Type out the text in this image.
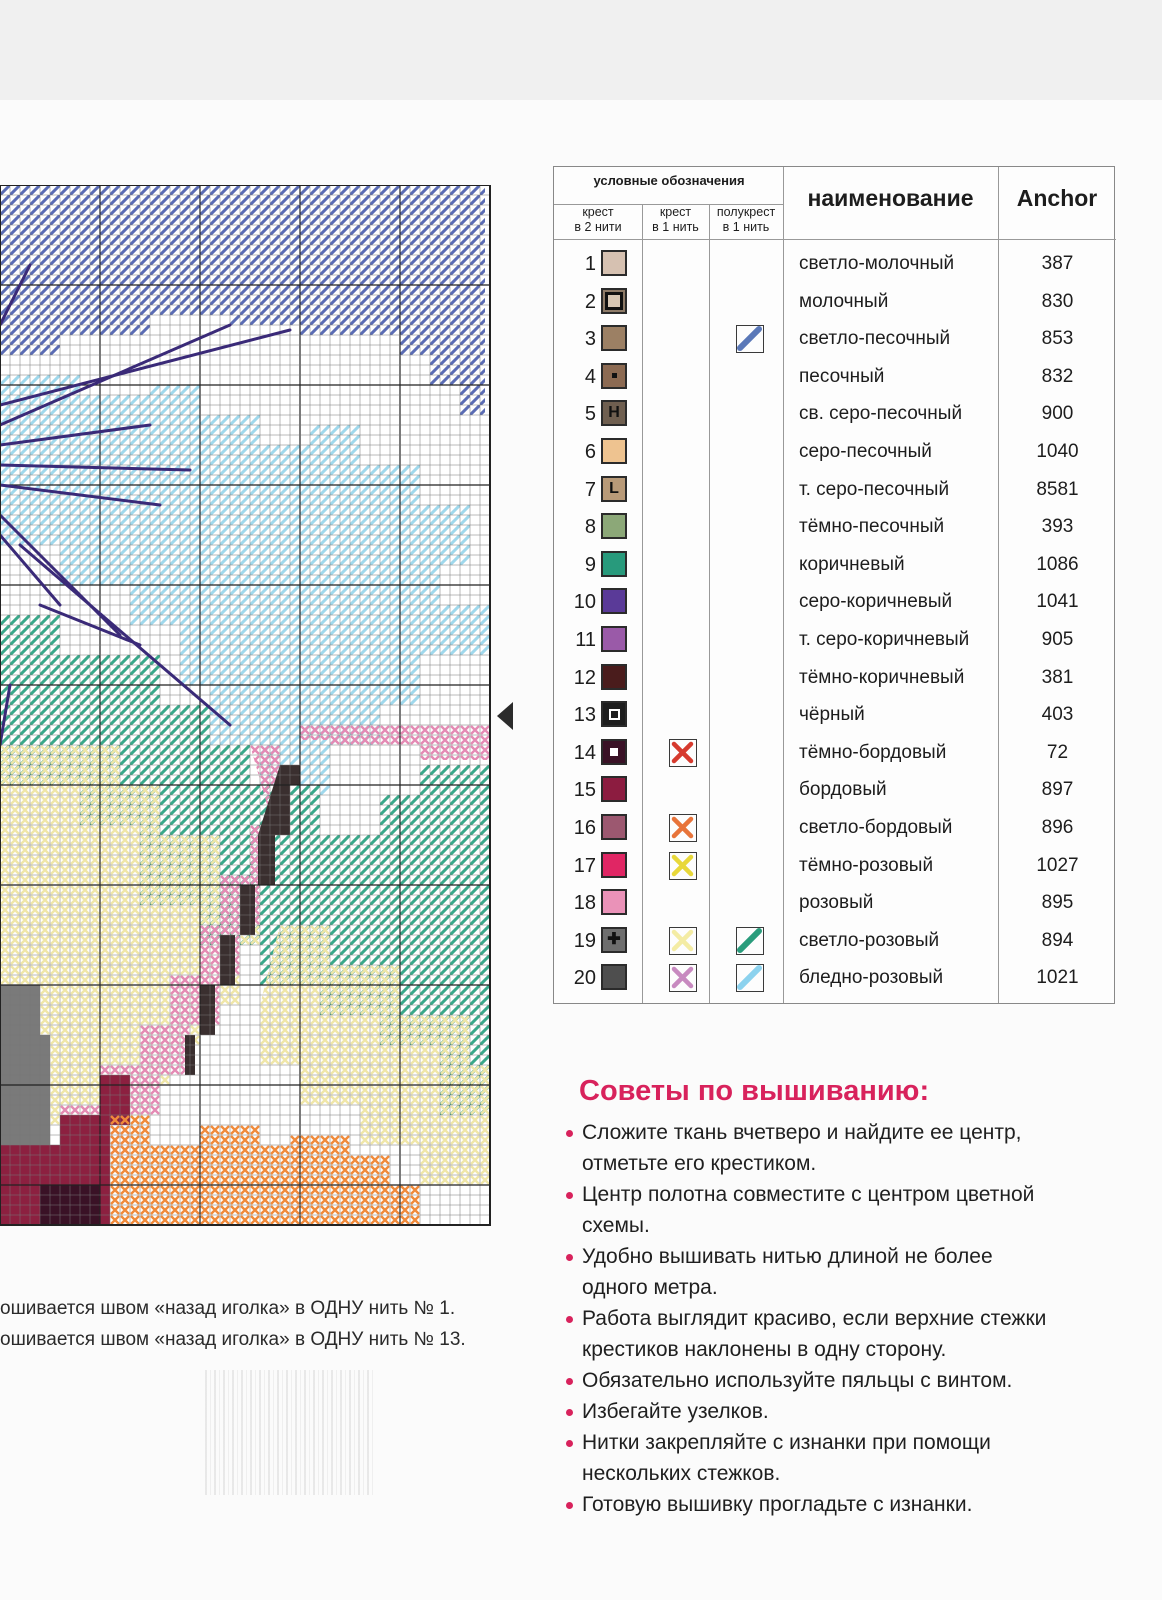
ошивается швом «назад иголка» в ОДНУ нить № 1.
ошивается швом «назад иголка» в ОДНУ нить № 13.
условные обозначения
крест
в 2 нити
крест
в 1 нить
полукрест
в 1 нить
наименование	Anchor
1	светло-молочный	387
2	молочный	830
3	светло-песочный	853
4	песочный	832
5 H	св. серо-песочный	900
6	серо-песочный	1040
7 L	т. серо-песочный	8581
8	тёмно-песочный	393
9	коричневый	1086
10	серо-коричневый	1041
11	т. серо-коричневый	905
12	тёмно-коричневый	381
13	чёрный	403
14	тёмно-бордовый	72
15	бордовый	897
16	светло-бордовый	896
17	тёмно-розовый	1027
18	розовый	895
19 ✚	светло-розовый	894
20	бледно-розовый	1021
Советы по вышиванию:
Сложите ткань вчетверо и найдите ее центр,
отметьте его крестиком.
Центр полотна совместите с центром цветной
схемы.
Удобно вышивать нитью длиной не более
одного метра.
Работа выглядит красиво, если верхние стежки
крестиков наклонены в одну сторону.
Обязательно используйте пяльцы с винтом.
Избегайте узелков.
Нитки закрепляйте с изнанки при помощи
нескольких стежков.
Готовую вышивку прогладьте с изнанки.
